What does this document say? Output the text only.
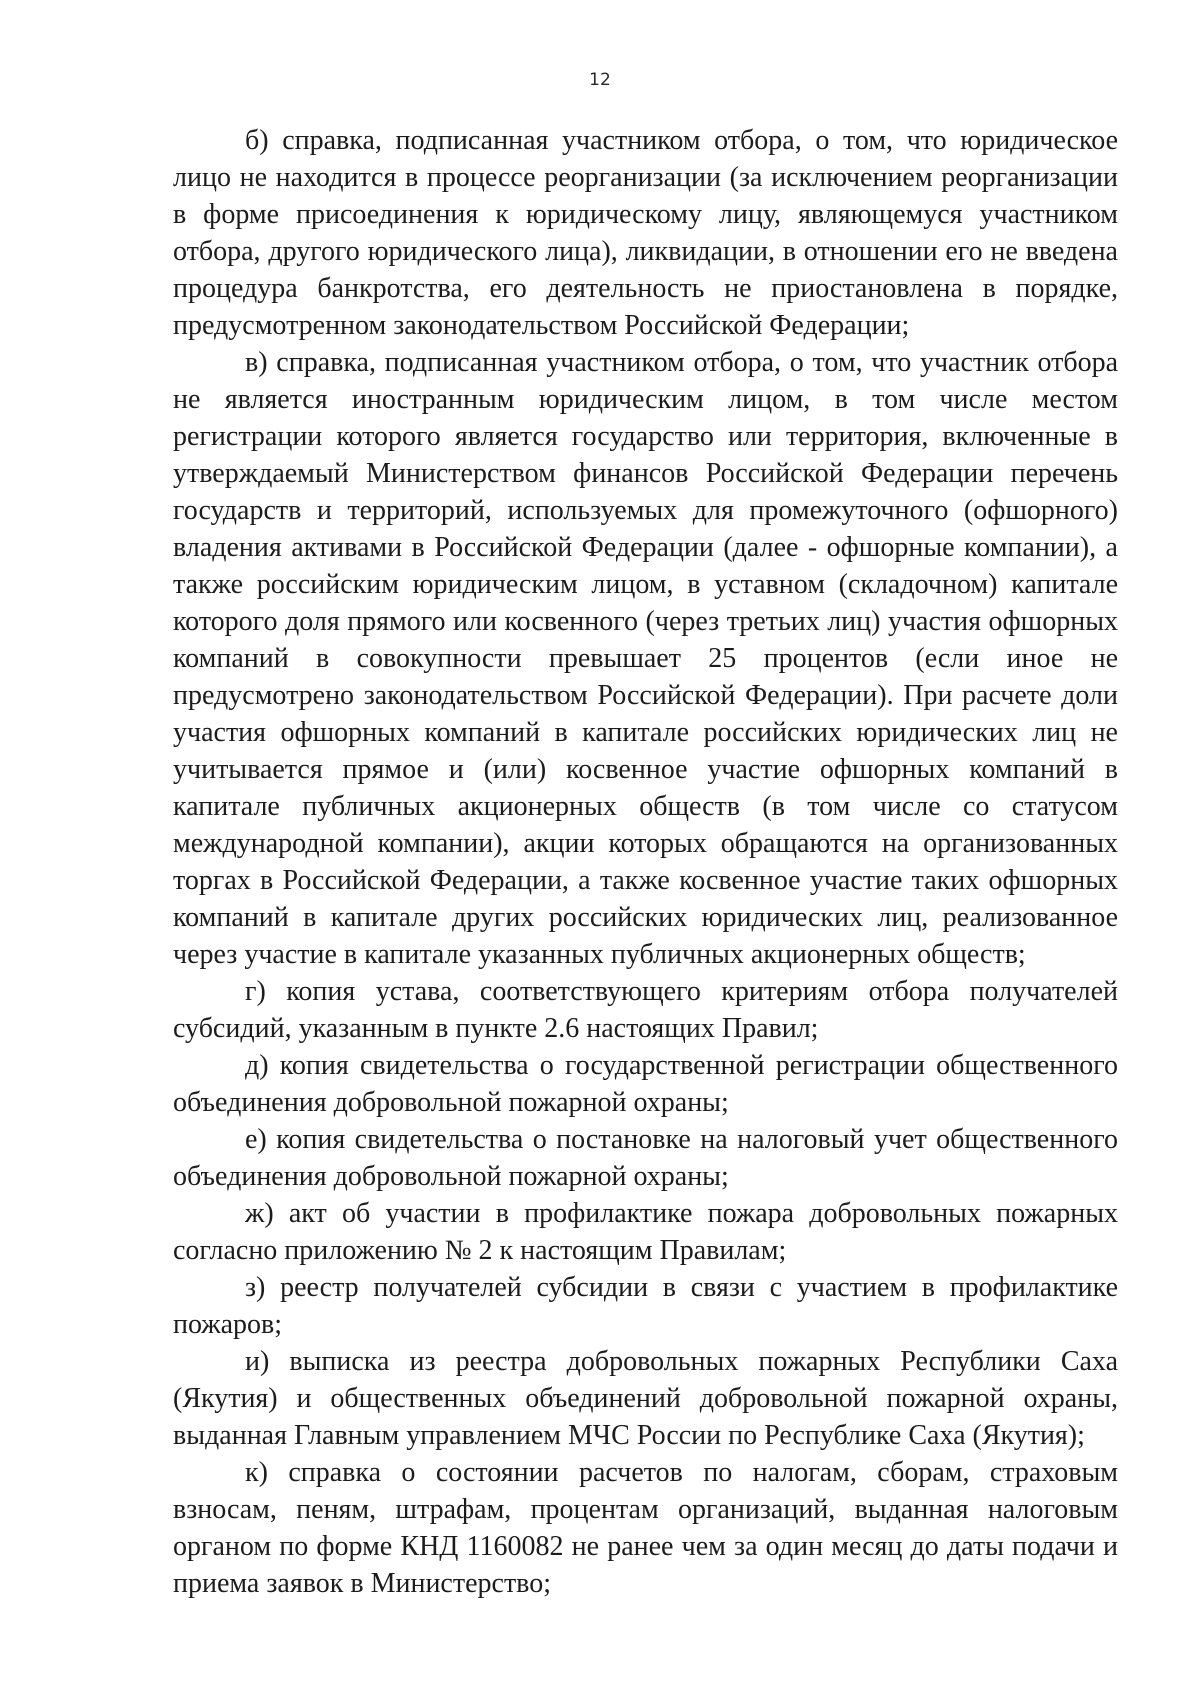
12

б) справка, подписанная участником отбора, о том, что юридическое лицо не находится в процессе реорганизации (за исключением реорганизации в форме присоединения к юридическому лицу, являющемуся участником отбора, другого юридического лица), ликвидации, в отношении его не введена процедура банкротства, его деятельность не приостановлена в порядке, предусмотренном законодательством Российской Федерации;

в) справка, подписанная участником отбора, о том, что участник отбора не является иностранным юридическим лицом, в том числе местом регистрации которого является государство или территория, включенные в утверждаемый Министерством финансов Российской Федерации перечень государств и территорий, используемых для промежуточного (офшорного) владения активами в Российской Федерации (далее - офшорные компании), а также российским юридическим лицом, в уставном (складочном) капитале которого доля прямого или косвенного (через третьих лиц) участия офшорных компаний в совокупности превышает 25 процентов (если иное не предусмотрено законодательством Российской Федерации). При расчете доли участия офшорных компаний в капитале российских юридических лиц не учитывается прямое и (или) косвенное участие офшорных компаний в капитале публичных акционерных обществ (в том числе со статусом международной компании), акции которых обращаются на организованных торгах в Российской Федерации, а также косвенное участие таких офшорных компаний в капитале других российских юридических лиц, реализованное через участие в капитале указанных публичных акционерных обществ;

г) копия устава, соответствующего критериям отбора получателей субсидий, указанным в пункте 2.6 настоящих Правил;

д) копия свидетельства о государственной регистрации общественного объединения добровольной пожарной охраны;

е) копия свидетельства о постановке на налоговый учет общественного объединения добровольной пожарной охраны;

ж) акт об участии в профилактике пожара добровольных пожарных согласно приложению № 2 к настоящим Правилам;

з) реестр получателей субсидии в связи с участием в профилактике пожаров;

и) выписка из реестра добровольных пожарных Республики Саха (Якутия) и общественных объединений добровольной пожарной охраны, выданная Главным управлением МЧС России по Республике Саха (Якутия);

к) справка о состоянии расчетов по налогам, сборам, страховым взносам, пеням, штрафам, процентам организаций, выданная налоговым органом по форме КНД 1160082 не ранее чем за один месяц до даты подачи и приема заявок в Министерство;
